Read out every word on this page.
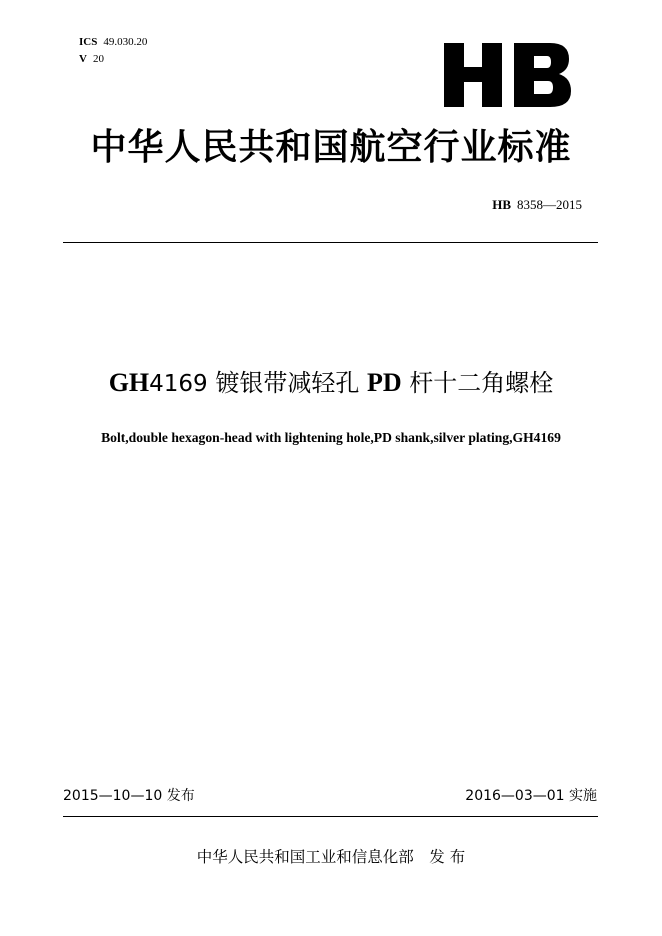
ICS 49.030.20
V 20
中华人民共和国航空行业标准
HB 8358—2015
GH4169 镀银带减轻孔 PD 杆十二角螺栓
Bolt,double hexagon-head with lightening hole,PD shank,silver plating,GH4169
2015—10—10 发布	2016—03—01 实施
中华人民共和国工业和信息化部　发 布
